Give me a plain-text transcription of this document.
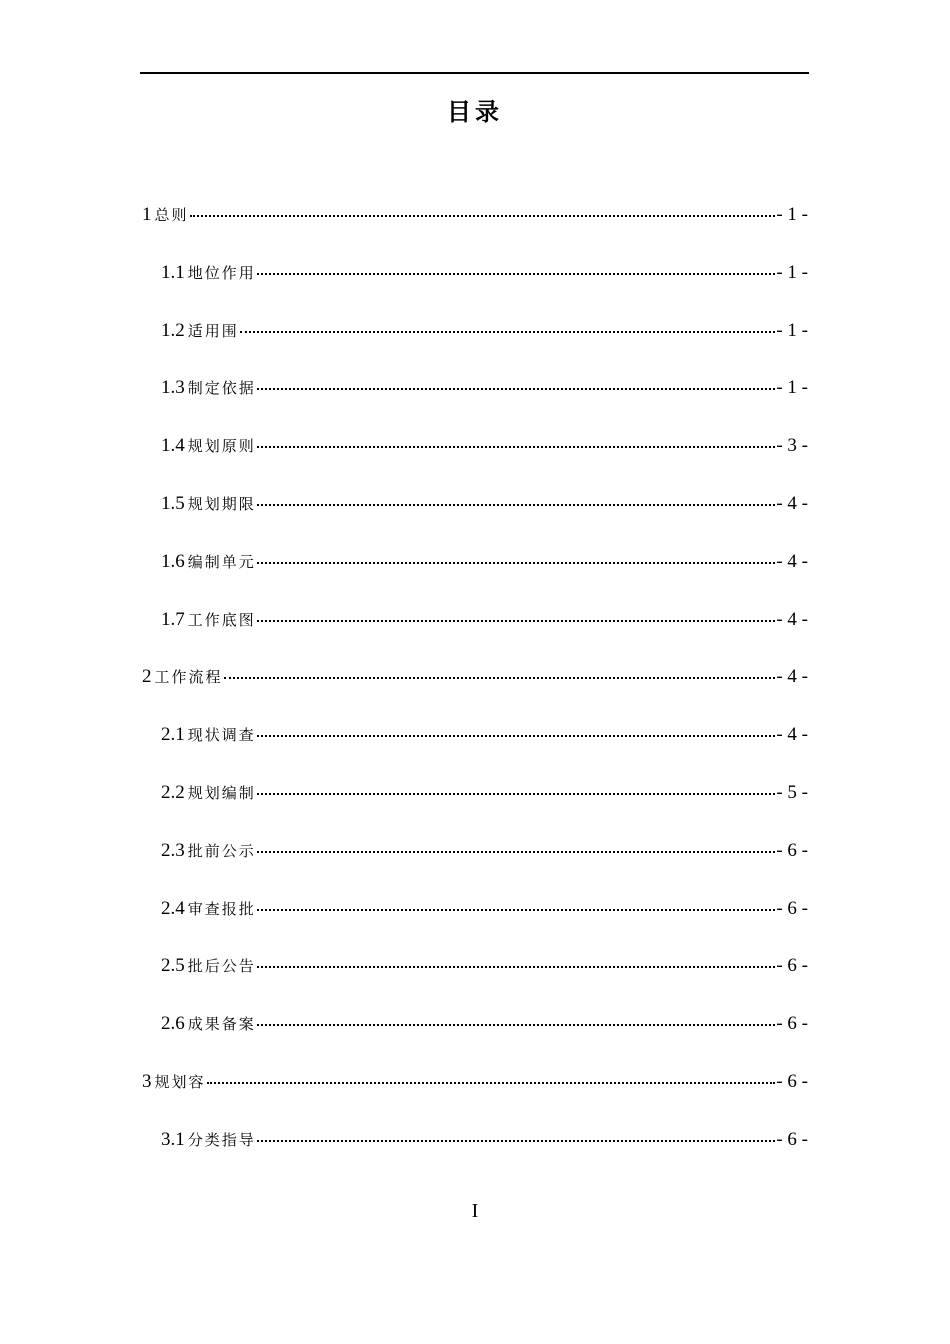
目录
1 总则	- 1 -
1.1 地位作用	- 1 -
1.2 适用围	- 1 -
1.3 制定依据	- 1 -
1.4 规划原则	- 3 -
1.5 规划期限	- 4 -
1.6 编制单元	- 4 -
1.7 工作底图	- 4 -
2 工作流程	- 4 -
2.1 现状调查	- 4 -
2.2 规划编制	- 5 -
2.3 批前公示	- 6 -
2.4 审查报批	- 6 -
2.5 批后公告	- 6 -
2.6 成果备案	- 6 -
3 规划容	- 6 -
3.1 分类指导	- 6 -
I
